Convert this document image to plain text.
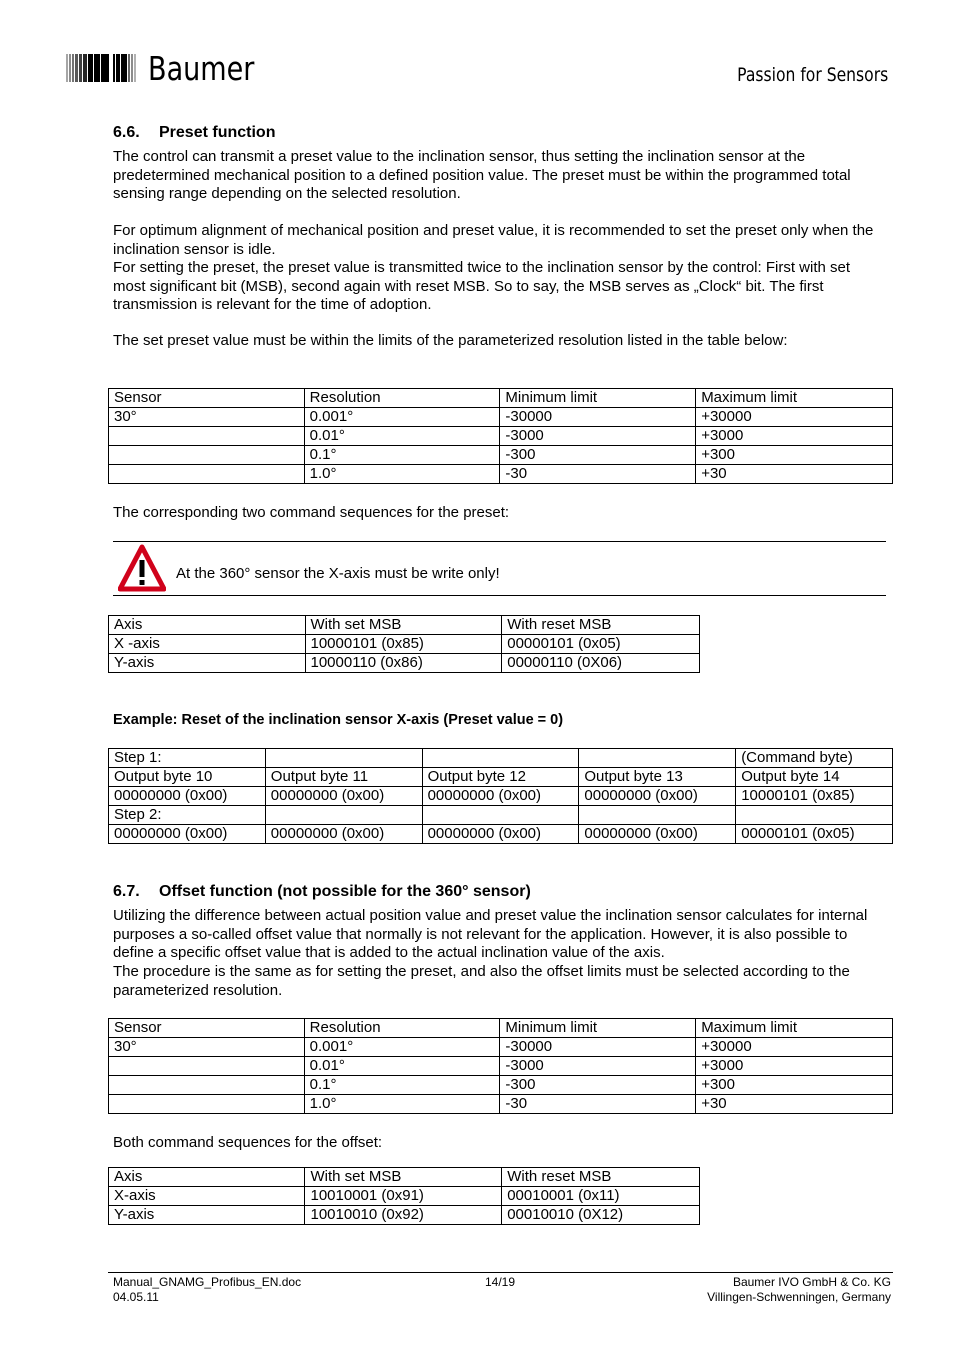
Baumer	Passion for Sensors
6.6. Preset function

The control can transmit a preset value to the inclination sensor, thus setting the inclination sensor at the predetermined mechanical position to a defined position value. The preset must be within the programmed total sensing range depending on the selected resolution.

For optimum alignment of mechanical position and preset value, it is recommended to set the preset only when the inclination sensor is idle.

For setting the preset, the preset value is transmitted twice to the inclination sensor by the control: First with set most significant bit (MSB), second again with reset MSB. So to say, the MSB serves as „Clock“ bit. The first transmission is relevant for the time of adoption.

The set preset value must be within the limits of the parameterized resolution listed in the table below:

Sensor	Resolution	Minimum limit	Maximum limit
30°	0.001°	-30000	+30000
	0.01°	-3000	+3000
	0.1°	-300	+300
	1.0°	-30	+30

The corresponding two command sequences for the preset:

At the 360° sensor the X-axis must be write only!

Axis	With set MSB	With reset MSB
X -axis	10000101 (0x85)	00000101 (0x05)
Y-axis	10000110 (0x86)	00000110 (0X06)

Example: Reset of the inclination sensor X-axis (Preset value = 0)

Step 1:				(Command byte)
Output byte 10	Output byte 11	Output byte 12	Output byte 13	Output byte 14
00000000 (0x00)	00000000 (0x00)	00000000 (0x00)	00000000 (0x00)	10000101 (0x85)
Step 2:				
00000000 (0x00)	00000000 (0x00)	00000000 (0x00)	00000000 (0x00)	00000101 (0x05)
6.7. Offset function (not possible for the 360° sensor)

Utilizing the difference between actual position value and preset value the inclination sensor calculates for internal purposes a so-called offset value that normally is not relevant for the application. However, it is also possible to define a specific offset value that is added to the actual inclination value of the axis.

The procedure is the same as for setting the preset, and also the offset limits must be selected according to the parameterized resolution.

Sensor	Resolution	Minimum limit	Maximum limit
30°	0.001°	-30000	+30000
	0.01°	-3000	+3000
	0.1°	-300	+300
	1.0°	-30	+30

Both command sequences for the offset:

Axis	With set MSB	With reset MSB
X-axis	10010001 (0x91)	00010001 (0x11)
Y-axis	10010010 (0x92)	00010010 (0X12)
Manual_GNAMG_Profibus_EN.doc
04.05.11
14/19	Baumer IVO GmbH & Co. KG
Villingen-Schwenningen, Germany
